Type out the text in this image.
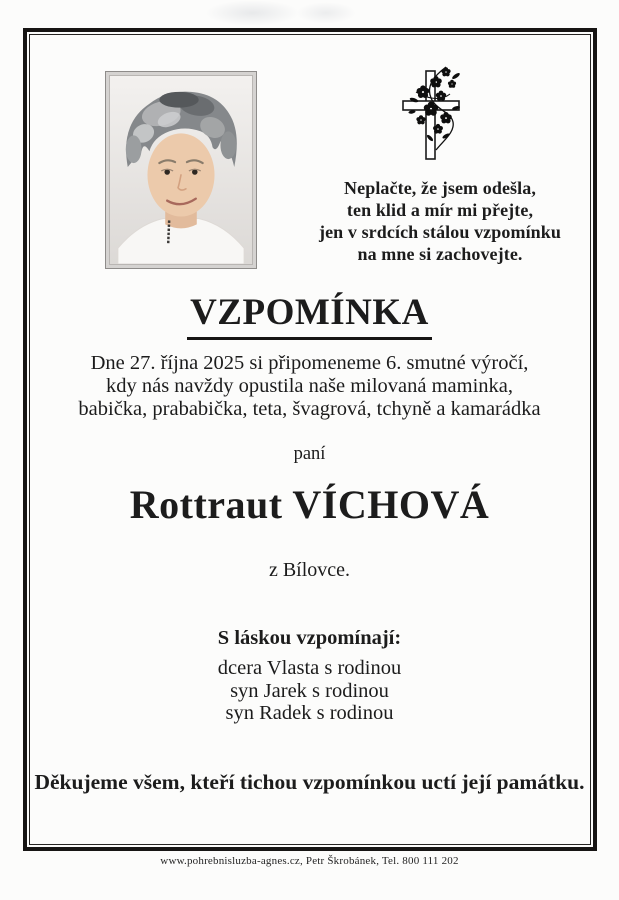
Neplačte, že jsem odešla,
ten klid a mír mi přejte,
jen v srdcích stálou vzpomínku
na mne si zachovejte.
VZPOMÍNKA
Dne 27. října 2025 si připomeneme 6. smutné výročí,
kdy nás navždy opustila naše milovaná maminka,
babička, prababička, teta, švagrová, tchyně a kamarádka
paní
Rottraut VÍCHOVÁ
z Bílovce.
S láskou vzpomínají:
dcera Vlasta s rodinou
syn Jarek s rodinou
syn Radek s rodinou
Děkujeme všem, kteří tichou vzpomínkou uctí její památku.
www.pohrebnisluzba-agnes.cz, Petr Škrobánek, Tel. 800 111 202
